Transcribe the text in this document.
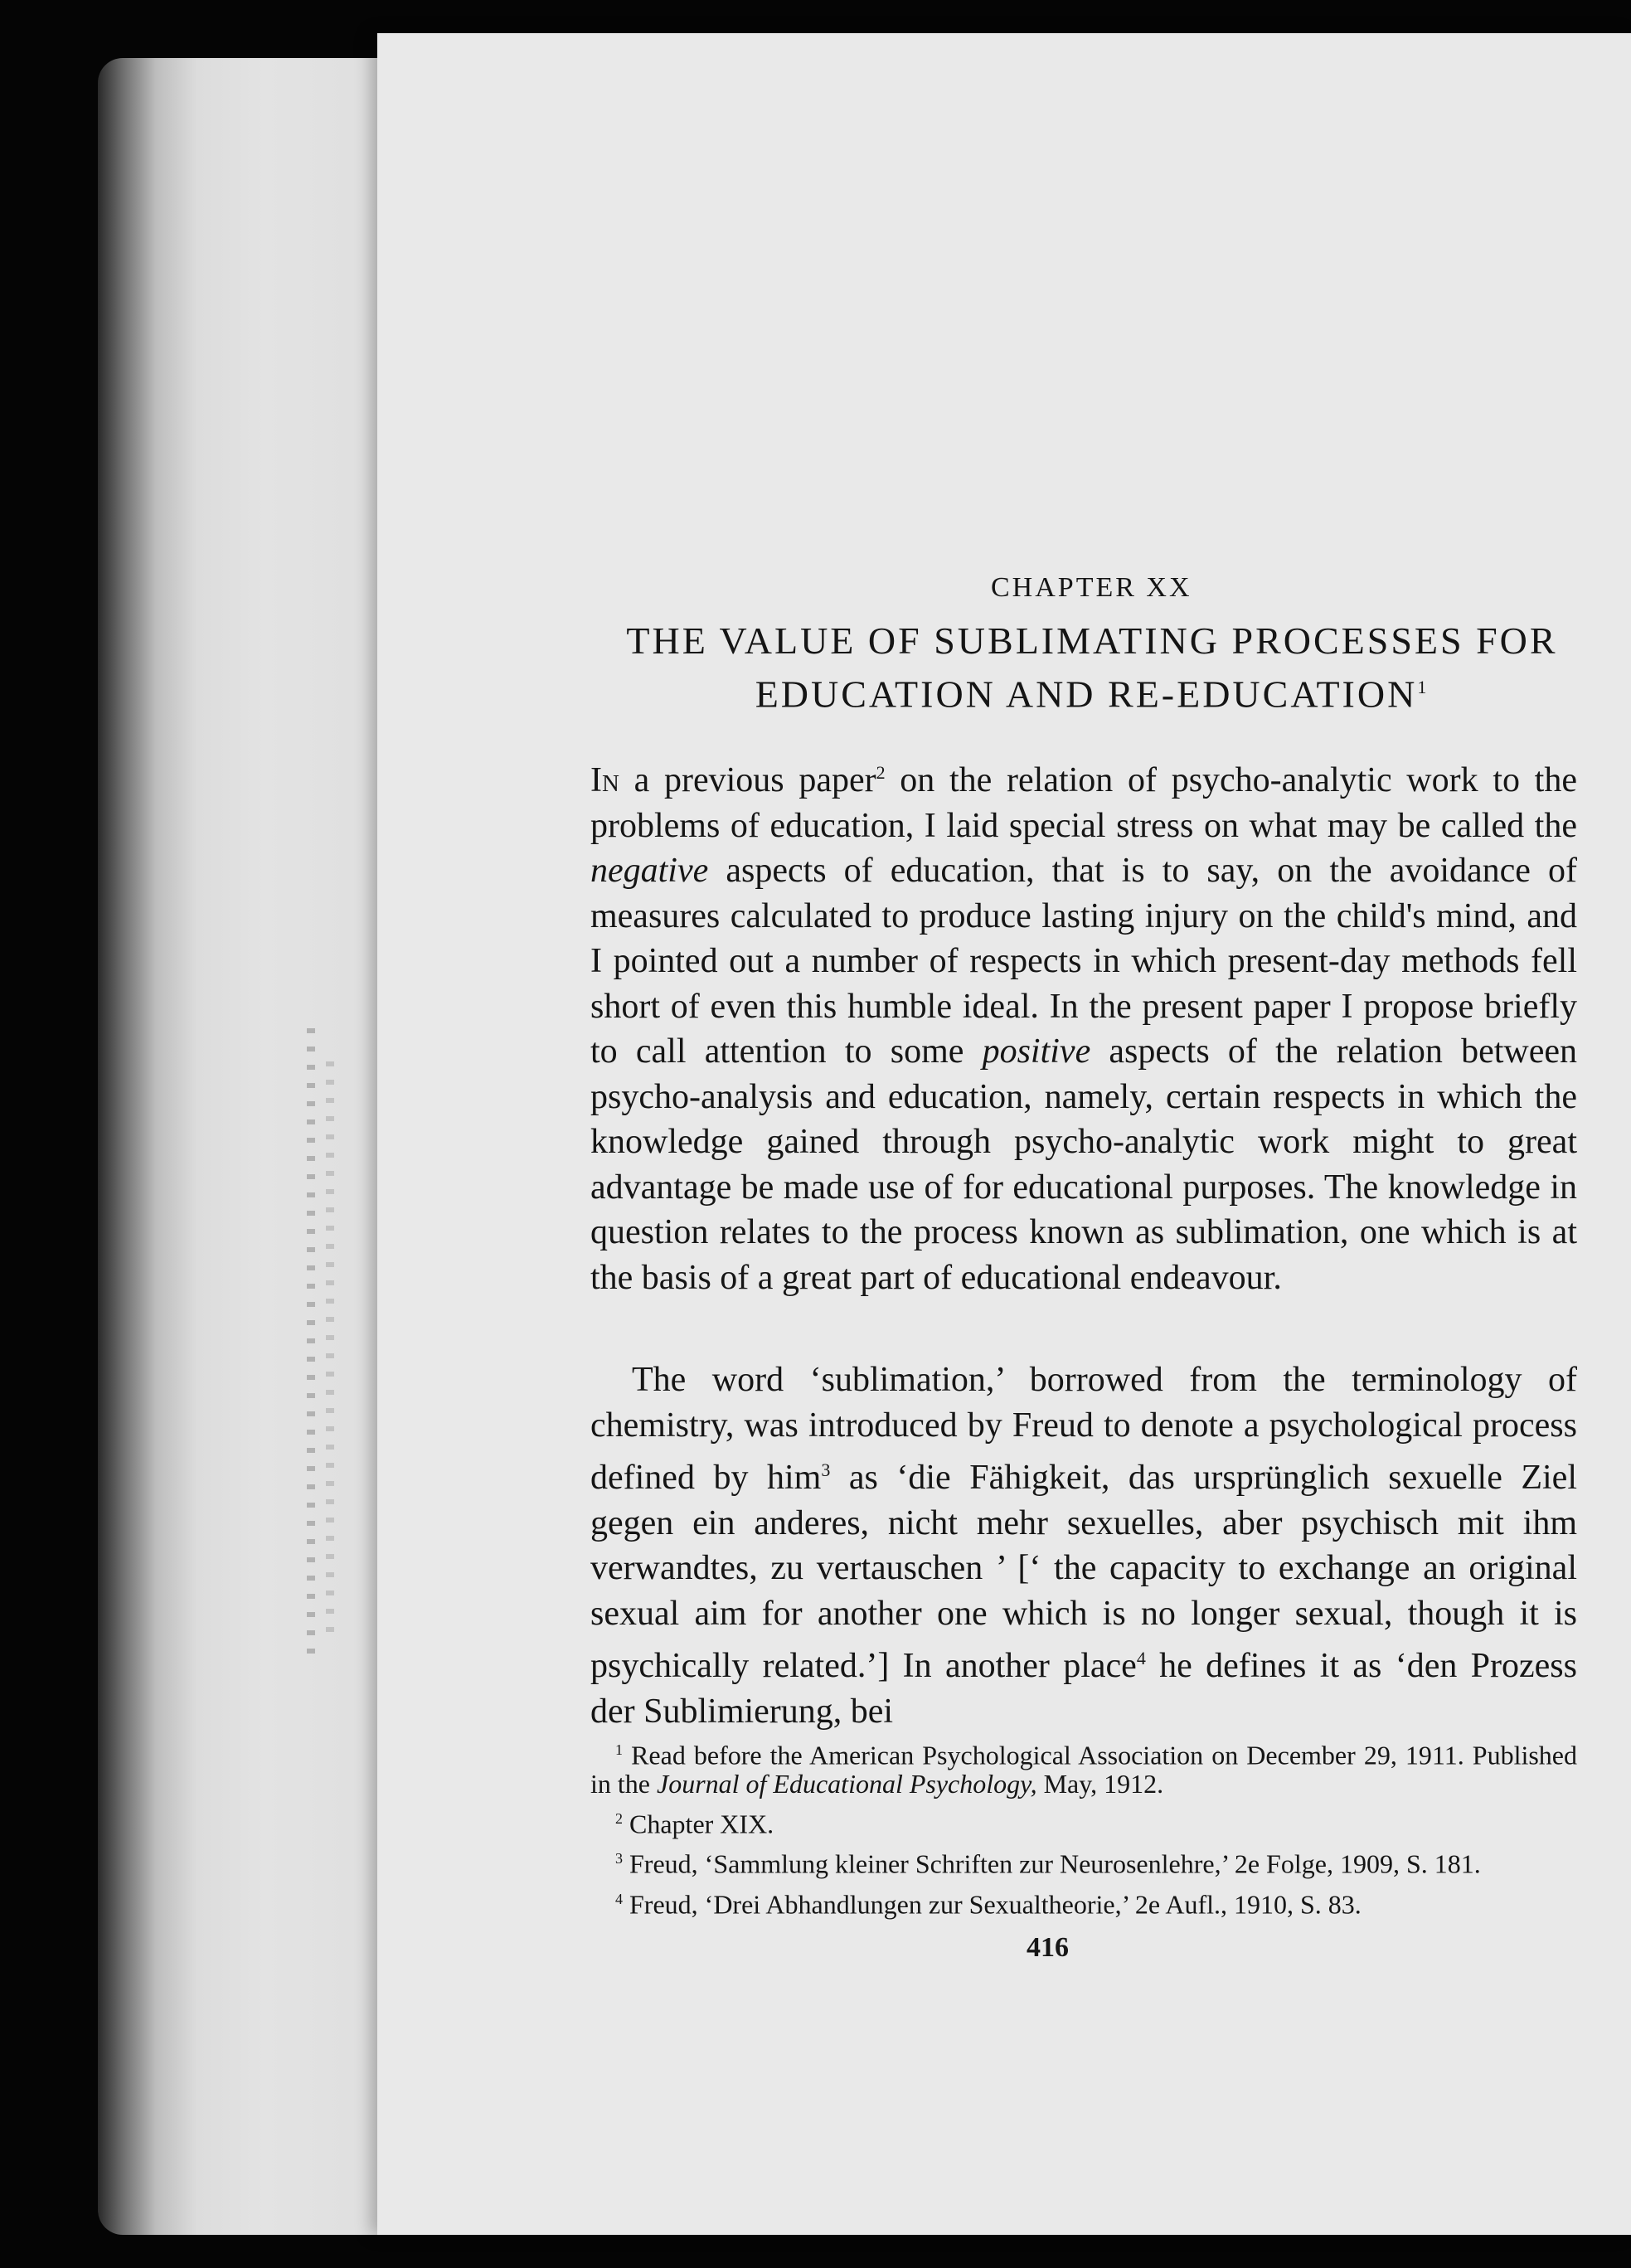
CHAPTER XX
THE VALUE OF SUBLIMATING PROCESSES FOR EDUCATION AND RE-EDUCATION$^1$

In a previous paper$^2$ on the relation of psycho-analytic work to the problems of education, I laid special stress on what may be called the negative aspects of education, that is to say, on the avoidance of measures calculated to produce lasting injury on the child's mind, and I pointed out a number of respects in which present-day methods fell short of even this humble ideal. In the present paper I propose briefly to call attention to some positive aspects of the relation between psycho-analysis and education, namely, certain respects in which the knowledge gained through psycho-analytic work might to great advantage be made use of for educational purposes. The knowledge in question relates to the process known as sublimation, one which is at the basis of a great part of educational endeavour.

The word ‘sublimation,’ borrowed from the terminology of chemistry, was introduced by Freud to denote a psychological process defined by him$^3$ as ‘die Fähigkeit, das ursprünglich sexuelle Ziel gegen ein anderes, nicht mehr sexuelles, aber psychisch mit ihm verwandtes, zu vertauschen ’ [‘ the capacity to exchange an original sexual aim for another one which is no longer sexual, though it is psychically related.’] In another place$^4$ he defines it as ‘den Prozess der Sublimierung, bei

$^1$ Read before the American Psychological Association on December 29, 1911. Published in the Journal of Educational Psychology, May, 1912.

$^2$ Chapter XIX.

$^3$ Freud, ‘Sammlung kleiner Schriften zur Neurosenlehre,’ 2e Folge, 1909, S. 181.

$^4$ Freud, ‘Drei Abhandlungen zur Sexualtheorie,’ 2e Aufl., 1910, S. 83.

416
